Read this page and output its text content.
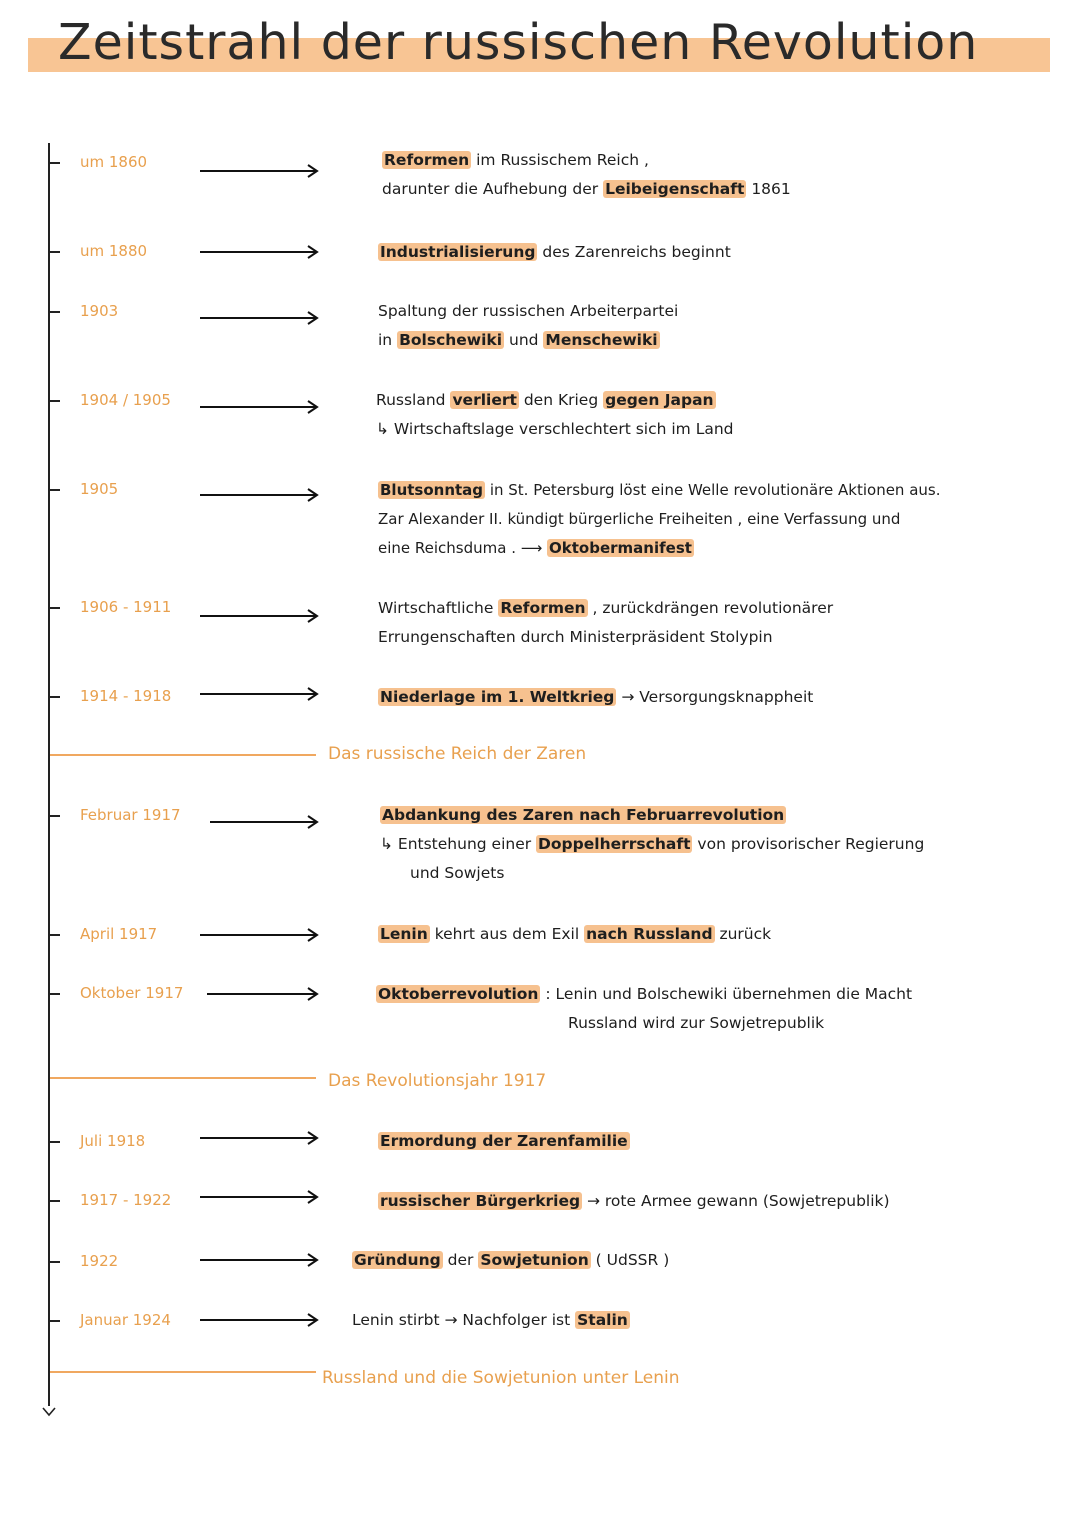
Zeitstrahl der russischen Revolution
um 1860	Reformen im Russischem Reich ,
darunter die Aufhebung der Leibeigenschaft 1861
um 1880	Industrialisierung des Zarenreichs beginnt
1903	Spaltung der russischen Arbeiterpartei
in Bolschewiki und Menschewiki
1904 / 1905	Russland verliert den Krieg gegen Japan
↳ Wirtschaftslage verschlechtert sich im Land
1905	Blutsonntag in St. Petersburg löst eine Welle revolutionäre Aktionen aus.
Zar Alexander II. kündigt bürgerliche Freiheiten , eine Verfassung und
eine Reichsduma . ⟶ Oktobermanifest
1906 - 1911	Wirtschaftliche Reformen , zurückdrängen revolutionärer
Errungenschaften durch Ministerpräsident Stolypin
1914 - 1918	Niederlage im 1. Weltkrieg → Versorgungsknappheit
Das russische Reich der Zaren
Februar 1917	Abdankung des Zaren nach Februarrevolution
↳ Entstehung einer Doppelherrschaft von provisorischer Regierung
und Sowjets
April 1917	Lenin kehrt aus dem Exil nach Russland zurück
Oktober 1917	Oktoberrevolution : Lenin und Bolschewiki übernehmen die Macht
Russland wird zur Sowjetrepublik
Das Revolutionsjahr 1917
Juli 1918	Ermordung der Zarenfamilie
1917 - 1922	russischer Bürgerkrieg → rote Armee gewann (Sowjetrepublik)
1922	Gründung der Sowjetunion ( UdSSR )
Januar 1924	Lenin stirbt → Nachfolger ist Stalin
Russland und die Sowjetunion unter Lenin
